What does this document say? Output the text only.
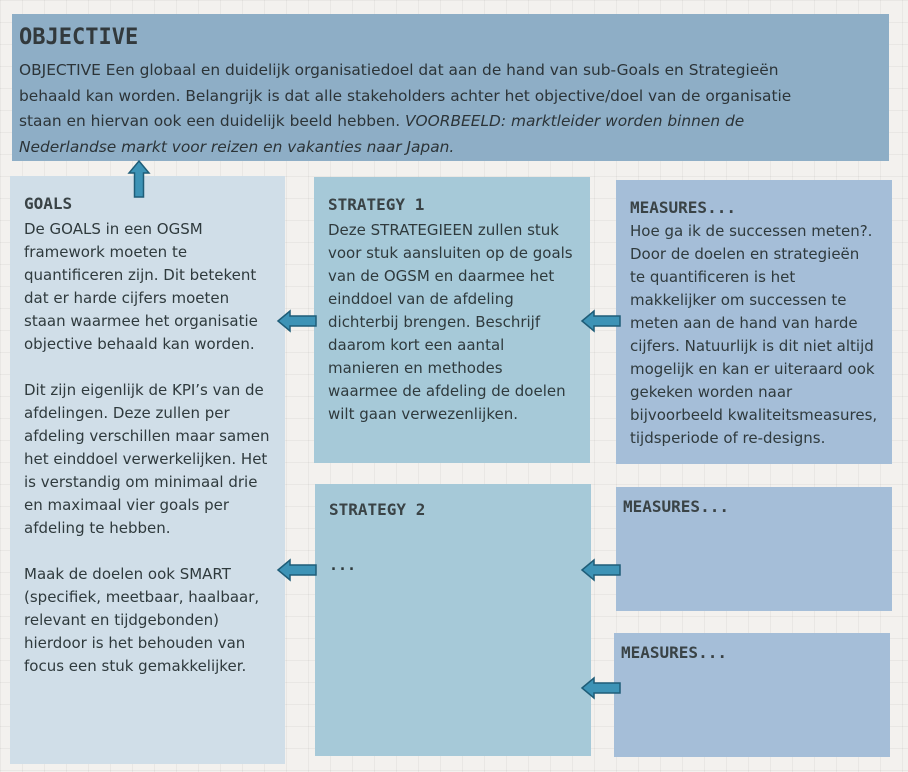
OBJECTIVE
OBJECTIVE Een globaal en duidelijk organisatiedoel dat aan de hand van sub-Goals en Strategieën behaald kan worden. Belangrijk is dat alle stakeholders achter het objective/doel van de organisatie staan en hiervan ook een duidelijk beeld hebben. VOORBEELD: marktleider worden binnen de Nederlandse markt voor reizen en vakanties naar Japan.
GOALS

De GOALS in een OGSM framework moeten te quantificeren zijn. Dit betekent dat er harde cijfers moeten staan waarmee het organisatie objective behaald kan worden.

Dit zijn eigenlijk de KPI’s van de afdelingen. Deze zullen per afdeling verschillen maar samen het einddoel verwerkelijken. Het is verstandig om minimaal drie en maximaal vier goals per afdeling te hebben.

Maak de doelen ook SMART (specifiek, meetbaar, haalbaar, relevant en tijdgebonden) hierdoor is het behouden van focus een stuk gemakkelijker.

STRATEGY 1
Deze STRATEGIEEN zullen stuk voor stuk aansluiten op de goals van de OGSM en daarmee het einddoel van de afdeling dichterbij brengen. Beschrijf daarom kort een aantal manieren en methodes waarmee de afdeling de doelen wilt gaan verwezenlijken.
STRATEGY 2
...
MEASURES...
Hoe ga ik de successen meten?. Door de doelen en strategieën te quantificeren is het makkelijker om successen te meten aan de hand van harde cijfers. Natuurlijk is dit niet altijd mogelijk en kan er uiteraard ook gekeken worden naar bijvoorbeeld kwaliteitsmeasures, tijdsperiode of re-designs.
MEASURES...
MEASURES...
